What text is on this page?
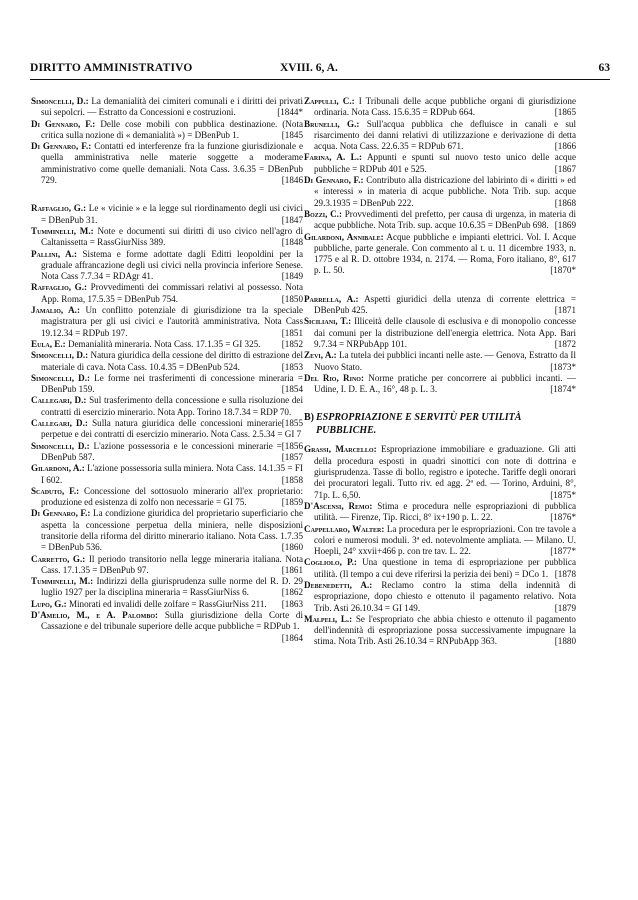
DIRITTO AMMINISTRATIVO	XVIII. 6, A.	63

Simoncelli, D.: La demanialità dei cimiteri comunali e i diritti dei privati sui sepolcri. — Estratto da Concessioni e costruzioni.	[1844*

Di Gennaro, F.: Delle cose mobili con pubblica destinazione. (Nota critica sulla nozione di « demanialità ») = DBenPub 1.	[1845

Di Gennaro, F.: Contatti ed interferenze fra la funzione giurisdizionale e quella amministrativa nelle materie soggette a moderame amministrativo come quelle demaniali. Nota Cass. 3.6.35 = DBenPub 729.	[1846

Raffaglio, G.: Le « vicinie » e la legge sul riordinamento degli usi civici = DBenPub 31.	[1847

Tumminelli, M.: Note e documenti sui diritti di uso civico nell'agro di Caltanissetta = RassGiurNiss 389.	[1848

Pallini, A.: Sistema e forme adottate dagli Editti leopoldini per la graduale affrancazione degli usi civici nella provincia inferiore Senese. Nota Cass 7.7.34 = RDAgr 41.	[1849

Raffaglio, G.: Provvedimenti dei commissari relativi al possesso. Nota App. Roma, 17.5.35 = DBenPub 754.	[1850

Jamalio, A.: Un conflitto potenziale di giurisdizione tra la speciale magistratura per gli usi civici e l'autorità amministrativa. Nota Cass 19.12.34 = RDPub 197.	[1851

Eula, E.: Demanialità mineraria. Nota Cass. 17.1.35 = GI 325. [1852

Simoncelli, D.: Natura giuridica della cessione del diritto di estrazione del materiale di cava. Nota Cass. 10.4.35 = DBenPub 524.	[1853

Simoncelli, D.: Le forme nei trasferimenti di concessione mineraria = DBenPub 159.	[1854

Callegari, D.: Sul trasferimento della concessione e sulla risoluzione dei contratti di esercizio minerario. Nota App. Torino 18.7.34 = RDP 70.
[1855

Callegari, D.: Sulla natura giuridica delle concessioni minerarie perpetue e dei contratti di esercizio minerario. Nota Cass. 2.5.34 = GI 7
[1856

Simoncelli, D.: L'azione possessoria e le concessioni minerarie = DBenPub 587.	[1857

Gilardoni, A.: L'azione possessoria sulla miniera. Nota Cass. 14.1.35 = FI I 602.	[1858

Scaduto, F.: Concessione del sottosuolo minerario all'ex proprietario: produzione ed esistenza di zolfo non necessarie = GI 75.	[1859

Di Gennaro, F.: La condizione giuridica del proprietario superficiario che aspetta la concessione perpetua della miniera, nelle disposizioni transitorie della riforma del diritto minerario italiano. Nota Cass. 1.7.35 = DBenPub 536.	[1860

Carretto, G.: Il periodo transitorio nella legge mineraria italiana. Nota Cass. 17.1.35 = DBenPub 97.	[1861

Tumminelli, M.: Indirizzi della giurisprudenza sulle norme del R. D. 29 luglio 1927 per la disciplina mineraria = RassGiurNiss 6.	[1862

Lupo, G.: Minorati ed invalidi delle zolfare = RassGiurNiss 211. [1863

D'Amelio, M., e A. Palombo: Sulla giurisdizione della Corte di Cassazione e del tribunale superiore delle acque pubbliche = RDPub 1.
[1864

Zappulli, C.: I Tribunali delle acque pubbliche organi di giurisdizione ordinaria. Nota Cass. 15.6.35 = RDPub 664.	[1865

Brunelli, G.: Sull'acqua pubblica che defluisce in canali e sul risarcimento dei danni relativi di utilizzazione e derivazione di detta acqua. Nota Cass. 22.6.35 = RDPub 671.	[1866

Farina, A. L.: Appunti e spunti sul nuovo testo unico delle acque pubbliche = RDPub 401 e 525.	[1867

Di Gennaro, F.: Contributo alla districazione del labirinto di « diritti » ed « interessi » in materia di acque pubbliche. Nota Trib. sup. acque 29.3.1935 = DBenPub 222.	[1868

Bozzi, C.: Provvedimenti del prefetto, per causa di urgenza, in materia di acque pubbliche. Nota Trib. sup. acque 10.6.35 = DBenPub 698. [1869

Gilardoni, Annibale: Acque pubbliche e impianti elettrici. Vol. I. Acque pubbliche, parte generale. Con commento al t. u. 11 dicembre 1933, n. 1775 e al R. D. ottobre 1934, n. 2174. — Roma, Foro italiano, 8°, 617 p. L. 50.	[1870*

Parrella, A.: Aspetti giuridici della utenza di corrente elettrica = DBenPub 425.	[1871

Siciliani, T.: Illiceità delle clausole di esclusiva e di monopolio concesse dai comuni per la distribuzione dell'energia elettrica. Nota App. Bari 9.7.34 = NRPubApp 101.	[1872

Zevi, A.: La tutela dei pubblici incanti nelle aste. — Genova, Estratto da Il Nuovo Stato.	[1873*

Del Rio, Rino: Norme pratiche per concorrere ai pubblici incanti. — Udine, I. D. E. A., 16°, 48 p. L. 3.	[1874*

B) ESPROPRIAZIONE E SERVITÙ PER UTILITÀ PUBBLICHE.

Grassi, Marcello: Espropriazione immobiliare e graduazione. Gli atti della procedura esposti in quadri sinottici con note di dottrina e giurisprudenza. Tasse di bollo, registro e ipoteche. Tariffe degli onorari dei procuratori legali. Tutto riv. ed agg. 2ª ed. — Torino, Arduini, 8°, 71p. L. 6,50.	[1875*

D'Ascensi, Remo: Stima e procedura nelle espropriazioni di pubblica utilità. — Firenze, Tip. Ricci, 8° ix+190 p. L. 22.	[1876*

Cappellaro, Walter: La procedura per le espropriazioni. Con tre tavole a colori e numerosi moduli. 3ª ed. notevolmente ampliata. — Milano. U. Hoepli, 24° xxvii+466 p. con tre tav. L. 22.	[1877*

Cogliolo, P.: Una questione in tema di espropriazione per pubblica utilità. (Il tempo a cui deve riferirsi la perizia dei beni) = DCo 1. [1878

Debenedetti, A.: Reclamo contro la stima della indennità di espropriazione, dopo chiesto e ottenuto il pagamento relativo. Nota Trib. Asti 26.10.34 = GI 149.	[1879

Malpeli, L.: Se l'espropriato che abbia chiesto e ottenuto il pagamento dell'indennità di espropriazione possa successivamente impugnare la stima. Nota Trib. Asti 26.10.34 = RNPubApp 363.	[1880
